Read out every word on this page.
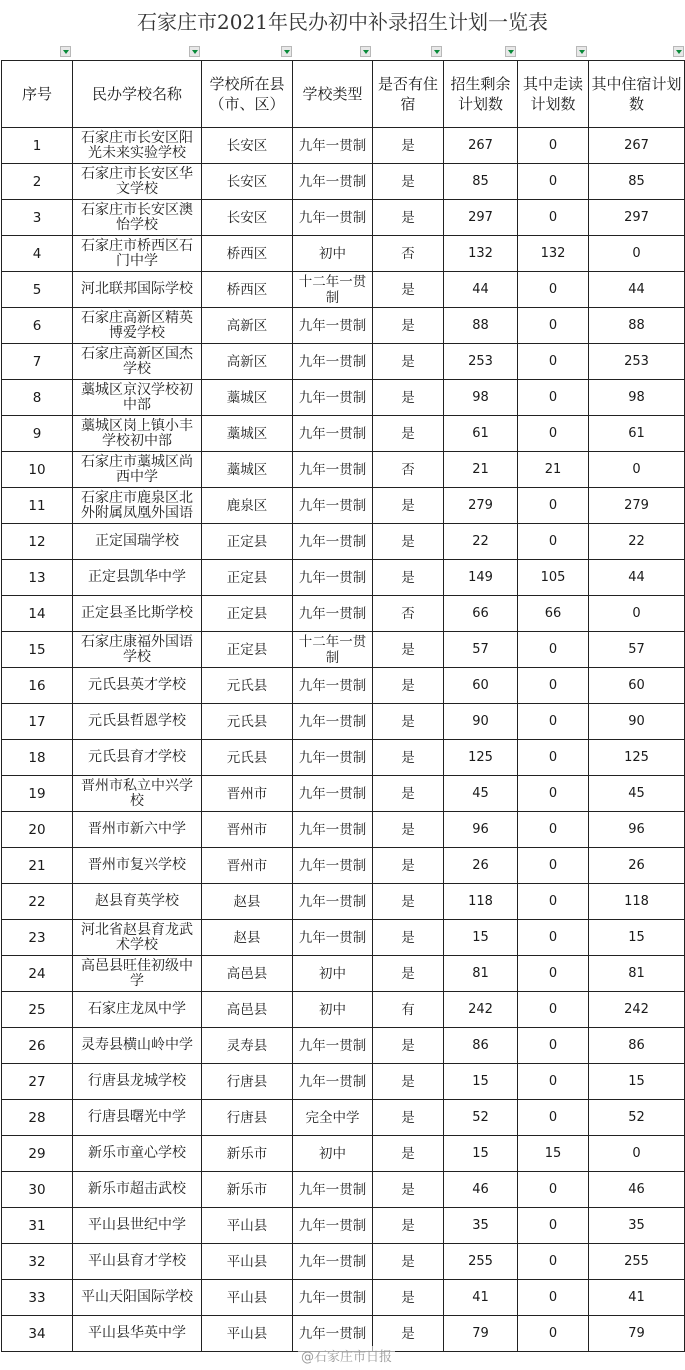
石家庄市2021年民办初中补录招生计划一览表
序号	民办学校名称	学校所在县（市、区）	学校类型	是否有住宿	招生剩余计划数	其中走读计划数	其中住宿计划数
1	石家庄市长安区阳光未来实验学校	长安区	九年一贯制	是	267	0	267
2	石家庄市长安区华文学校	长安区	九年一贯制	是	85	0	85
3	石家庄市长安区澳怡学校	长安区	九年一贯制	是	297	0	297
4	石家庄市桥西区石门中学	桥西区	初中	否	132	132	0
5	河北联邦国际学校	桥西区	十二年一贯制	是	44	0	44
6	石家庄高新区精英博爱学校	高新区	九年一贯制	是	88	0	88
7	石家庄高新区国杰学校	高新区	九年一贯制	是	253	0	253
8	藁城区京汉学校初中部	藁城区	九年一贯制	是	98	0	98
9	藁城区岗上镇小丰学校初中部	藁城区	九年一贯制	是	61	0	61
10	石家庄市藁城区尚西中学	藁城区	九年一贯制	否	21	21	0
11	石家庄市鹿泉区北外附属凤凰外国语	鹿泉区	九年一贯制	是	279	0	279
12	正定国瑞学校	正定县	九年一贯制	是	22	0	22
13	正定县凯华中学	正定县	九年一贯制	是	149	105	44
14	正定县圣比斯学校	正定县	九年一贯制	否	66	66	0
15	石家庄康福外国语学校	正定县	十二年一贯制	是	57	0	57
16	元氏县英才学校	元氏县	九年一贯制	是	60	0	60
17	元氏县哲恩学校	元氏县	九年一贯制	是	90	0	90
18	元氏县育才学校	元氏县	九年一贯制	是	125	0	125
19	晋州市私立中兴学校	晋州市	九年一贯制	是	45	0	45
20	晋州市新六中学	晋州市	九年一贯制	是	96	0	96
21	晋州市复兴学校	晋州市	九年一贯制	是	26	0	26
22	赵县育英学校	赵县	九年一贯制	是	118	0	118
23	河北省赵县育龙武术学校	赵县	九年一贯制	是	15	0	15
24	高邑县旺佳初级中学	高邑县	初中	是	81	0	81
25	石家庄龙凤中学	高邑县	初中	有	242	0	242
26	灵寿县横山岭中学	灵寿县	九年一贯制	是	86	0	86
27	行唐县龙城学校	行唐县	九年一贯制	是	15	0	15
28	行唐县曙光中学	行唐县	完全中学	是	52	0	52
29	新乐市童心学校	新乐市	初中	是	15	15	0
30	新乐市超击武校	新乐市	九年一贯制	是	46	0	46
31	平山县世纪中学	平山县	九年一贯制	是	35	0	35
32	平山县育才学校	平山县	九年一贯制	是	255	0	255
33	平山天阳国际学校	平山县	九年一贯制	是	41	0	41
34	平山县华英中学	平山县	九年一贯制	是	79	0	79
@石家庄市日报
